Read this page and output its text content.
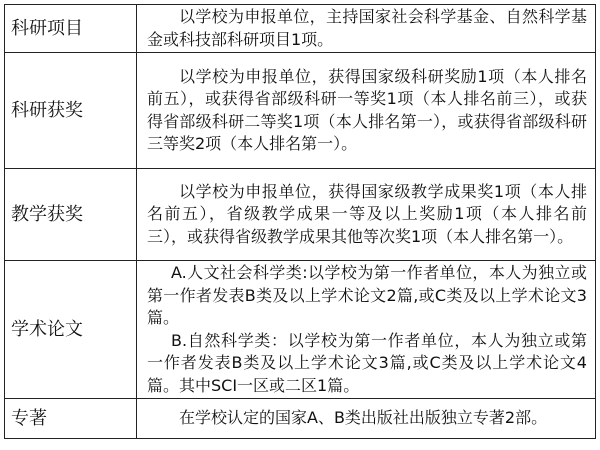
科研项目	以学校为申报单位，主持国家社会科学基金、自然科学基金或科技部科研项目1项。

科研获奖	以学校为申报单位，获得国家级科研奖励1项（本人排名前五），或获得省部级科研一等奖1项（本人排名前三），或获得省部级科研二等奖1项（本人排名第一），或获得省部级科研三等奖2项（本人排名第一）。

教学获奖	以学校为申报单位，获得国家级教学成果奖1项（本人排名前五），省级教学成果一等及以上奖励1项（本人排名前三），或获得省级教学成果其他等次奖1项（本人排名第一）。

学术论文	A.人文社会科学类:以学校为第一作者单位，本人为独立或第一作者发表B类及以上学术论文2篇,或C类及以上学术论文3篇。

B.自然科学类：以学校为第一作者单位，本人为独立或第一作者发表B类及以上学术论文3篇,或C类及以上学术论文4篇。其中SCI一区或二区1篇。

专著	在学校认定的国家A、B类出版社出版独立专著2部。
